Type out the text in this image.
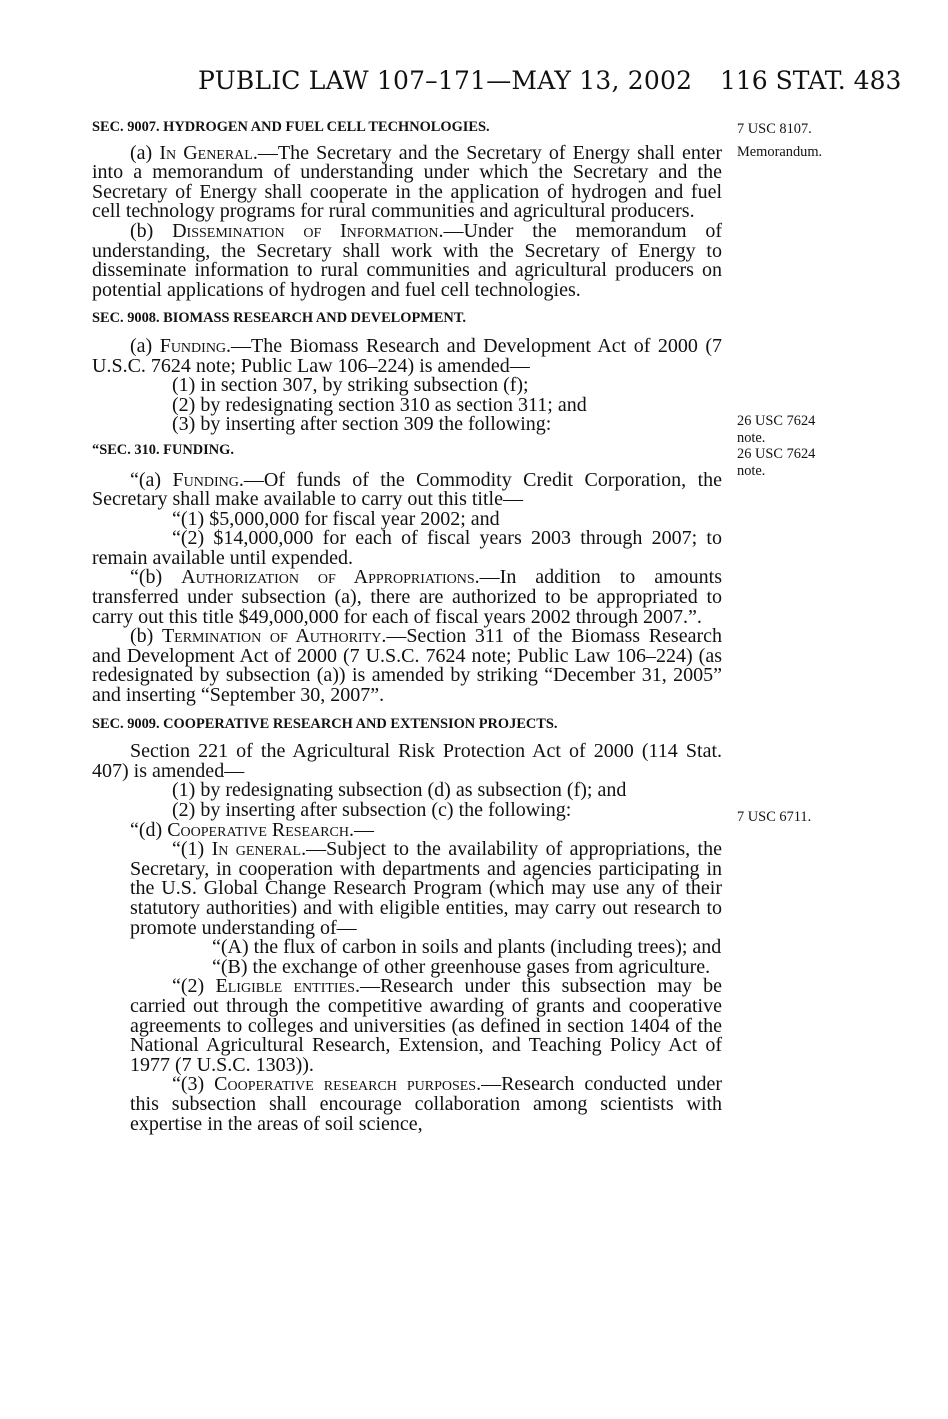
PUBLIC LAW 107–171—MAY 13, 2002 116 STAT. 483
7 USC 8107.
Memorandum.
26 USC 7624
note.
26 USC 7624
note.
7 USC 6711.

SEC. 9007. HYDROGEN AND FUEL CELL TECHNOLOGIES.

(a) In General.—The Secretary and the Secretary of Energy shall enter into a memorandum of understanding under which the Secretary and the Secretary of Energy shall cooperate in the application of hydrogen and fuel cell technology programs for rural communities and agricultural producers.

(b) Dissemination of Information.—Under the memorandum of understanding, the Secretary shall work with the Secretary of Energy to disseminate information to rural communities and agricultural producers on potential applications of hydrogen and fuel cell technologies.

SEC. 9008. BIOMASS RESEARCH AND DEVELOPMENT.

(a) Funding.—The Biomass Research and Development Act of 2000 (7 U.S.C. 7624 note; Public Law 106–224) is amended—

(1) in section 307, by striking subsection (f);

(2) by redesignating section 310 as section 311; and

(3) by inserting after section 309 the following:

“SEC. 310. FUNDING.

“(a) Funding.—Of funds of the Commodity Credit Corporation, the Secretary shall make available to carry out this title—

“(1) $5,000,000 for fiscal year 2002; and

“(2) $14,000,000 for each of fiscal years 2003 through 2007; to remain available until expended.

“(b) Authorization of Appropriations.—In addition to amounts transferred under subsection (a), there are authorized to be appropriated to carry out this title $49,000,000 for each of fiscal years 2002 through 2007.”.

(b) Termination of Authority.—Section 311 of the Biomass Research and Development Act of 2000 (7 U.S.C. 7624 note; Public Law 106–224) (as redesignated by subsection (a)) is amended by striking “December 31, 2005” and inserting “September 30, 2007”.

SEC. 9009. COOPERATIVE RESEARCH AND EXTENSION PROJECTS.

Section 221 of the Agricultural Risk Protection Act of 2000 (114 Stat. 407) is amended—

(1) by redesignating subsection (d) as subsection (f); and

(2) by inserting after subsection (c) the following:

“(d) Cooperative Research.—

“(1) In general.—Subject to the availability of appropriations, the Secretary, in cooperation with departments and agencies participating in the U.S. Global Change Research Program (which may use any of their statutory authorities) and with eligible entities, may carry out research to promote understanding of—

“(A) the flux of carbon in soils and plants (including trees); and

“(B) the exchange of other greenhouse gases from agriculture.

“(2) Eligible entities.—Research under this subsection may be carried out through the competitive awarding of grants and cooperative agreements to colleges and universities (as defined in section 1404 of the National Agricultural Research, Extension, and Teaching Policy Act of 1977 (7 U.S.C. 1303)).

“(3) Cooperative research purposes.—Research conducted under this subsection shall encourage collaboration among scientists with expertise in the areas of soil science,
